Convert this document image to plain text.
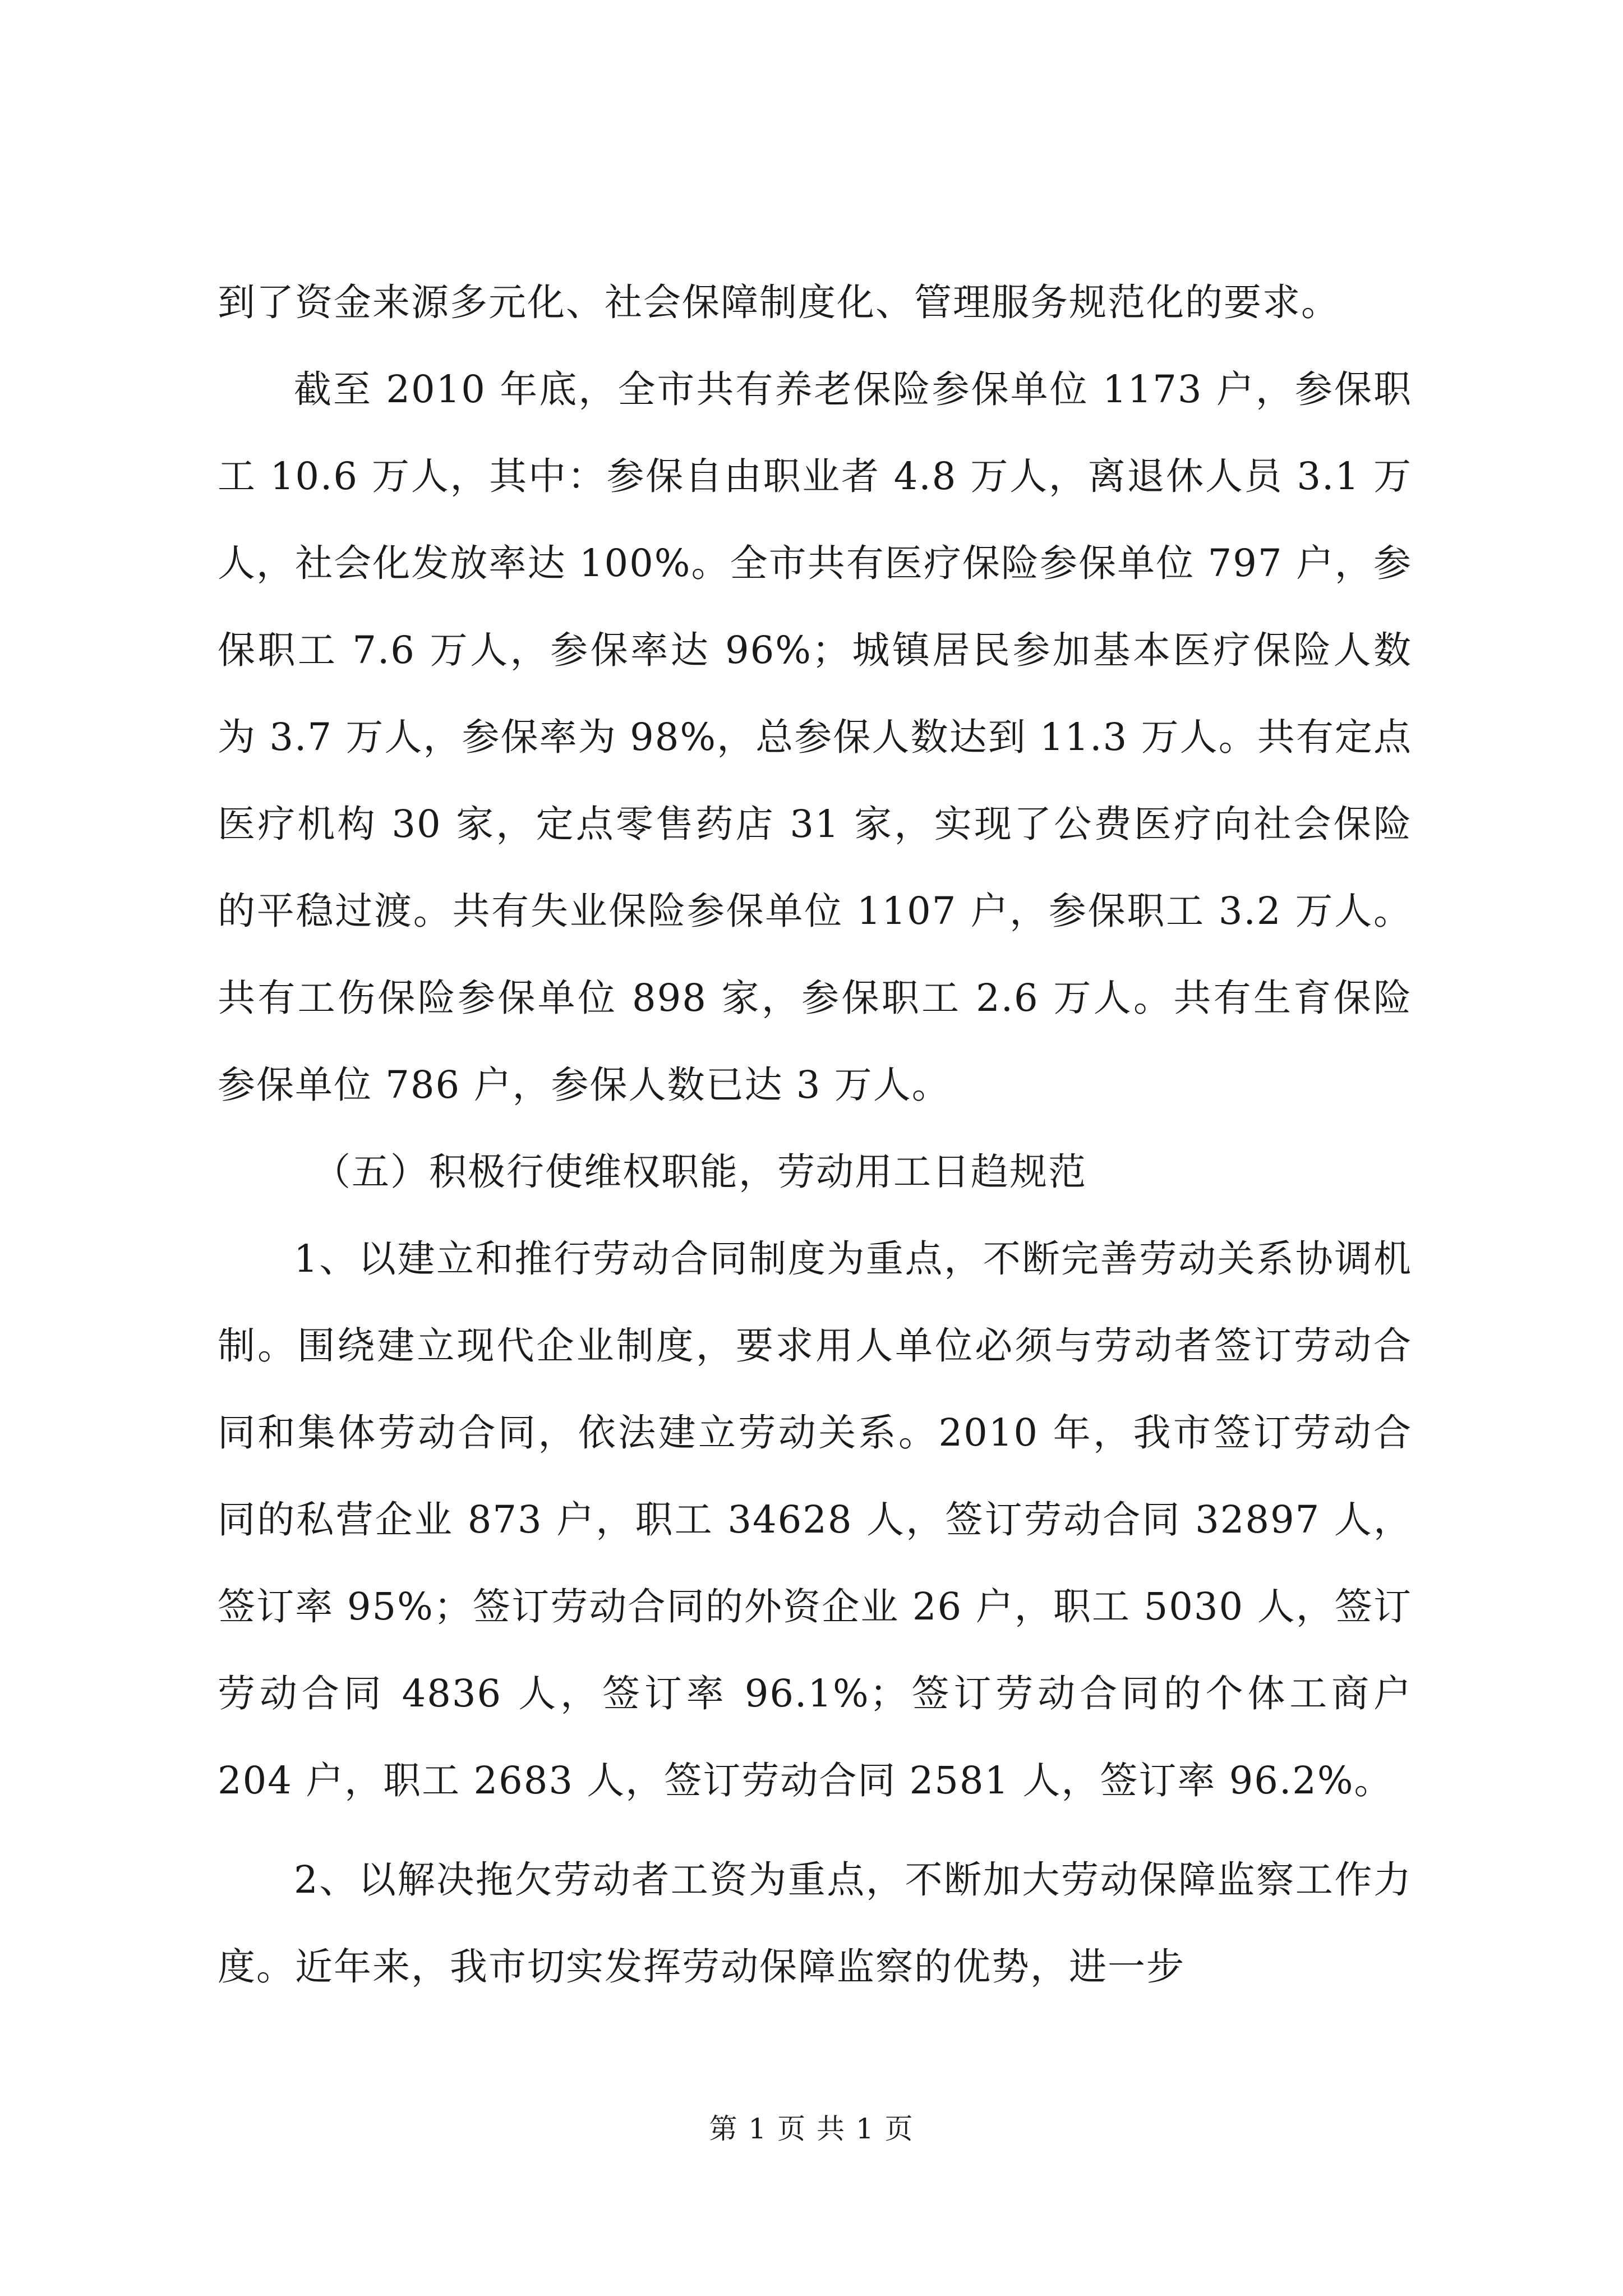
到了资金来源多元化、社会保障制度化、管理服务规范化的要求。

截至 2010 年底，全市共有养老保险参保单位 1173 户，参保职工 10.6 万人，其中：参保自由职业者 4.8 万人，离退休人员 3.1 万人，社会化发放率达 100%。全市共有医疗保险参保单位 797 户，参保职工 7.6 万人，参保率达 96%；城镇居民参加基本医疗保险人数为 3.7 万人，参保率为 98%，总参保人数达到 11.3 万人。共有定点医疗机构 30 家，定点零售药店 31 家，实现了公费医疗向社会保险的平稳过渡。共有失业保险参保单位 1107 户，参保职工 3.2 万人。共有工伤保险参保单位 898 家，参保职工 2.6 万人。共有生育保险参保单位 786 户，参保人数已达 3 万人。

（五）积极行使维权职能，劳动用工日趋规范

1、以建立和推行劳动合同制度为重点，不断完善劳动关系协调机制。围绕建立现代企业制度，要求用人单位必须与劳动者签订劳动合同和集体劳动合同，依法建立劳动关系。2010 年，我市签订劳动合同的私营企业 873 户，职工 34628 人，签订劳动合同 32897 人，签订率 95%；签订劳动合同的外资企业 26 户，职工 5030 人，签订劳动合同 4836 人，签订率 96.1%；签订劳动合同的个体工商户 204 户，职工 2683 人，签订劳动合同 2581 人，签订率 96.2%。

2、以解决拖欠劳动者工资为重点，不断加大劳动保障监察工作力度。近年来，我市切实发挥劳动保障监察的优势，进一步

第 1 页 共 1 页
